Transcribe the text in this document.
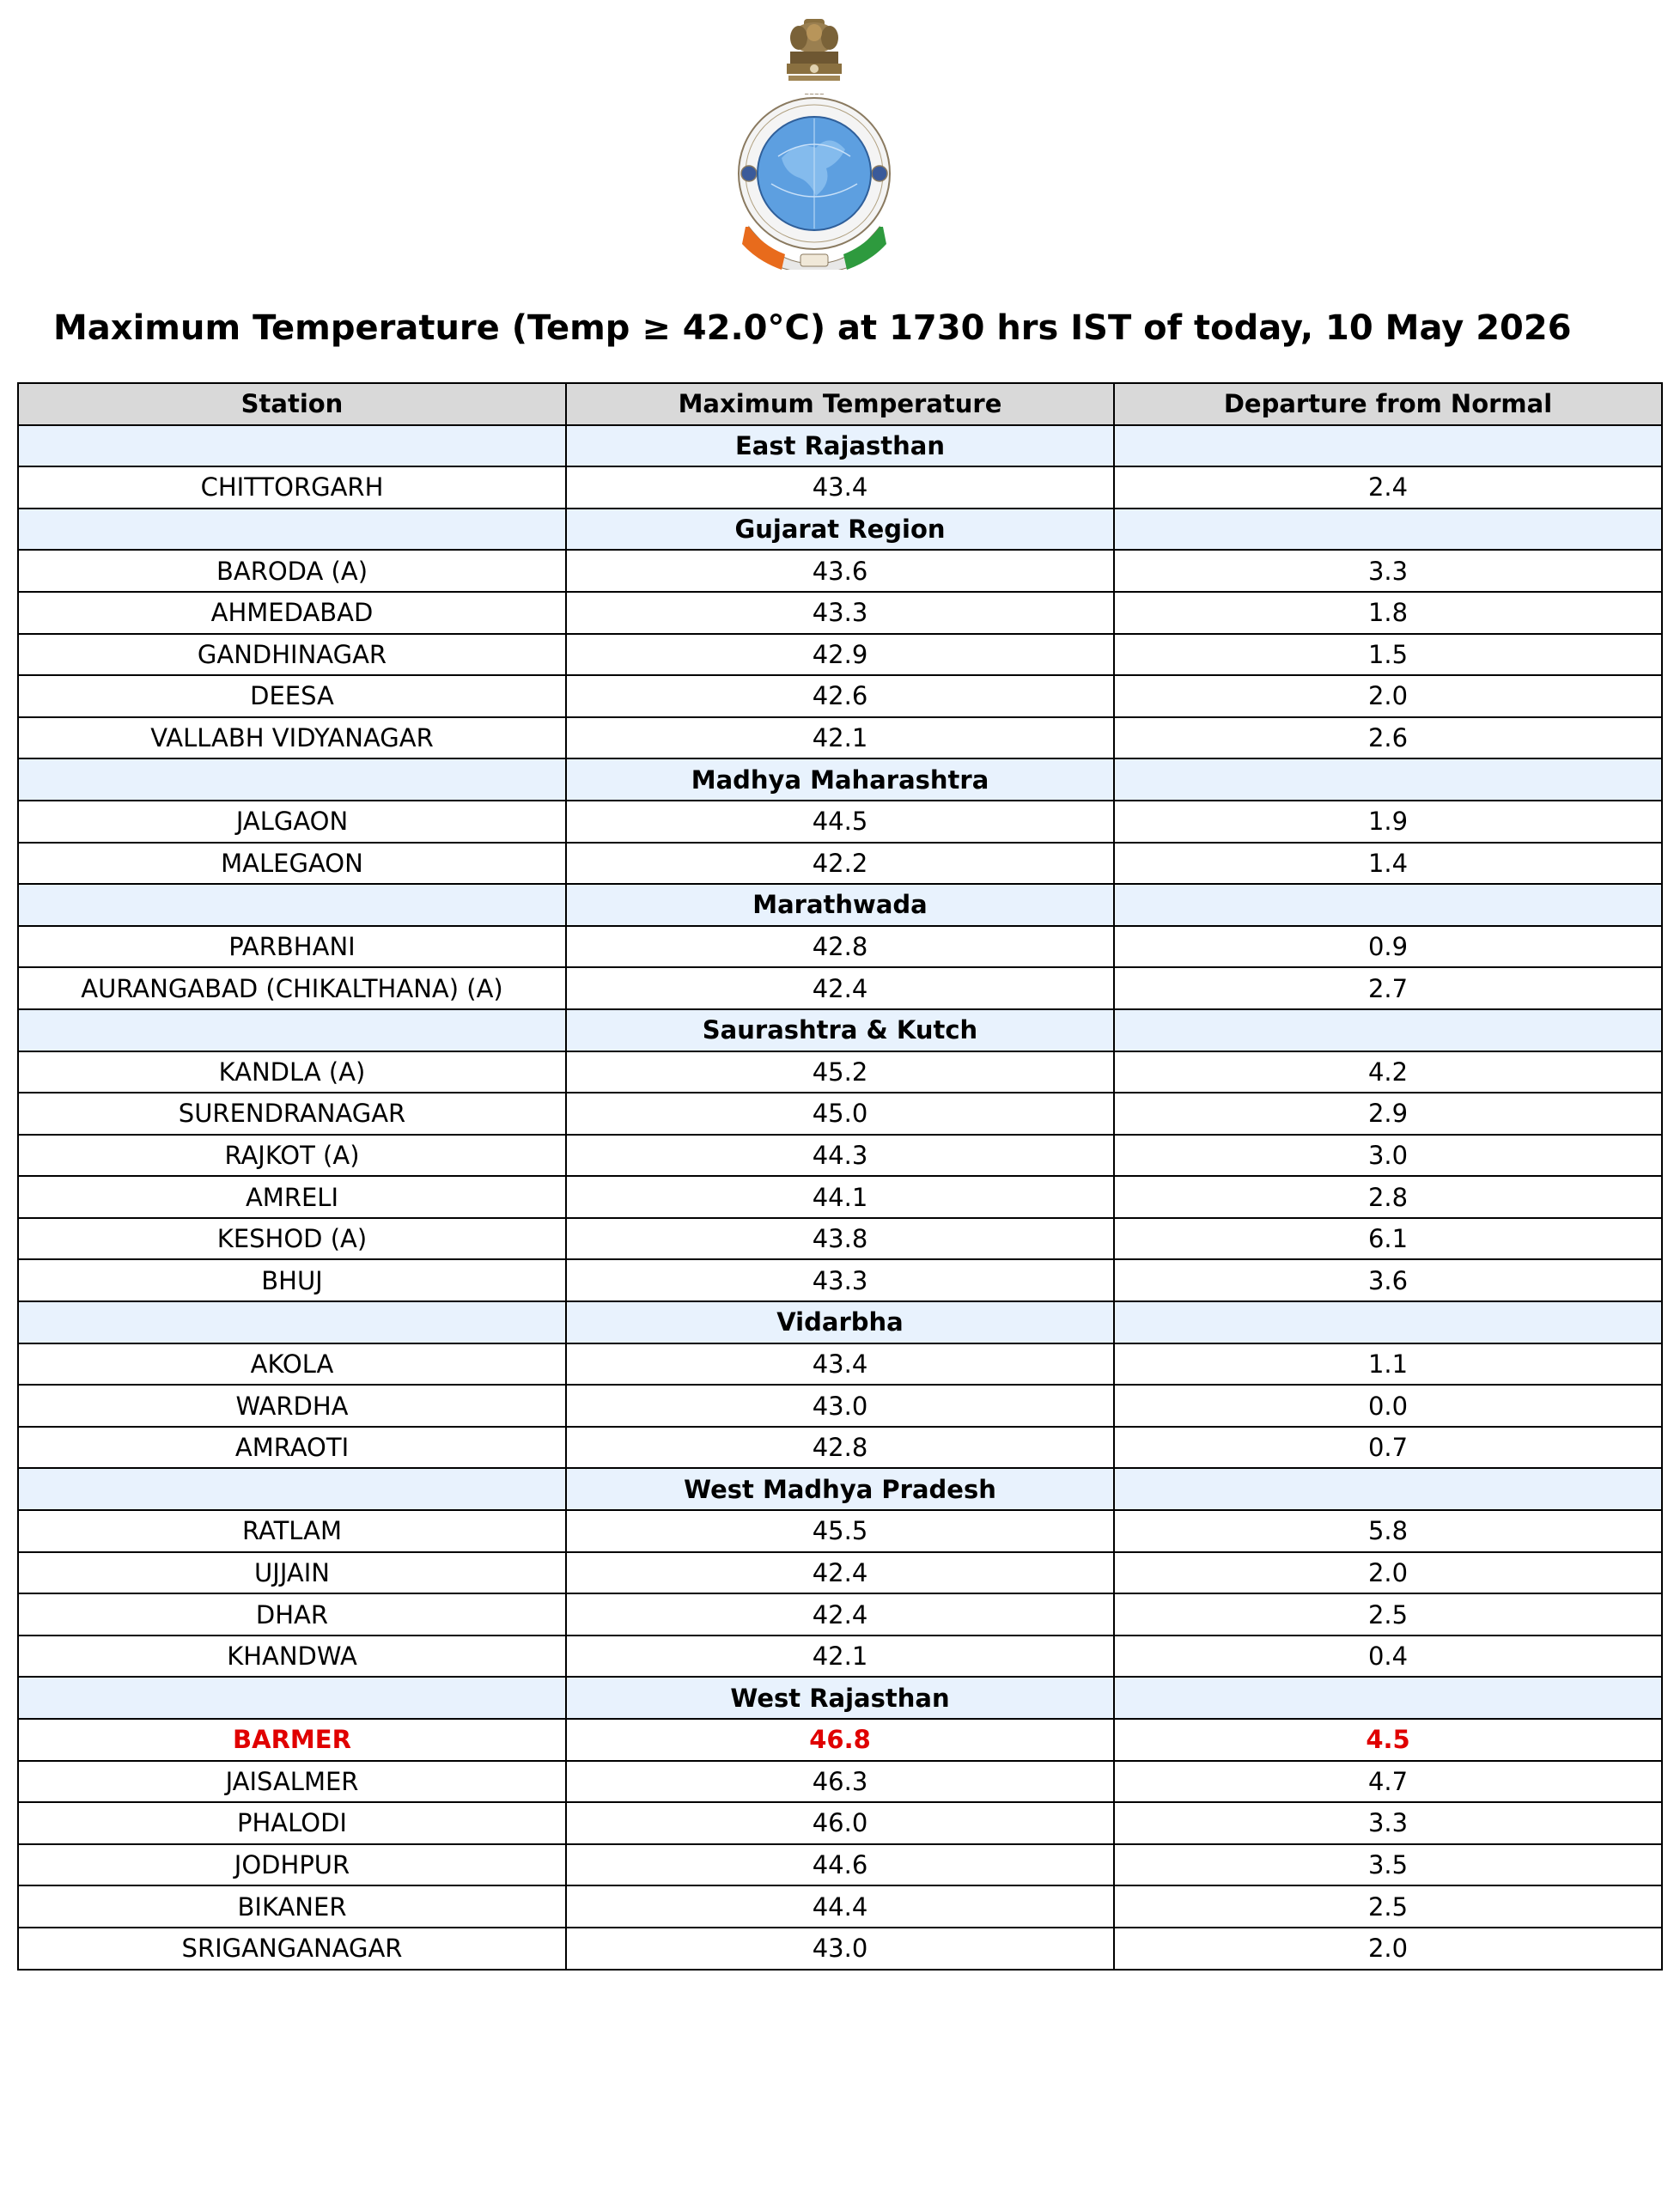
~~~~
Maximum Temperature (Temp ≥ 42.0°C) at 1730 hrs IST of today, 10 May 2026
Station	Maximum Temperature	Departure from Normal
	East Rajasthan	
CHITTORGARH	43.4	2.4
	Gujarat Region	
BARODA (A)	43.6	3.3
AHMEDABAD	43.3	1.8
GANDHINAGAR	42.9	1.5
DEESA	42.6	2.0
VALLABH VIDYANAGAR	42.1	2.6
	Madhya Maharashtra	
JALGAON	44.5	1.9
MALEGAON	42.2	1.4
	Marathwada	
PARBHANI	42.8	0.9
AURANGABAD (CHIKALTHANA) (A)	42.4	2.7
	Saurashtra & Kutch	
KANDLA (A)	45.2	4.2
SURENDRANAGAR	45.0	2.9
RAJKOT (A)	44.3	3.0
AMRELI	44.1	2.8
KESHOD (A)	43.8	6.1
BHUJ	43.3	3.6
	Vidarbha	
AKOLA	43.4	1.1
WARDHA	43.0	0.0
AMRAOTI	42.8	0.7
	West Madhya Pradesh	
RATLAM	45.5	5.8
UJJAIN	42.4	2.0
DHAR	42.4	2.5
KHANDWA	42.1	0.4
	West Rajasthan	
BARMER	46.8	4.5
JAISALMER	46.3	4.7
PHALODI	46.0	3.3
JODHPUR	44.6	3.5
BIKANER	44.4	2.5
SRIGANGANAGAR	43.0	2.0
